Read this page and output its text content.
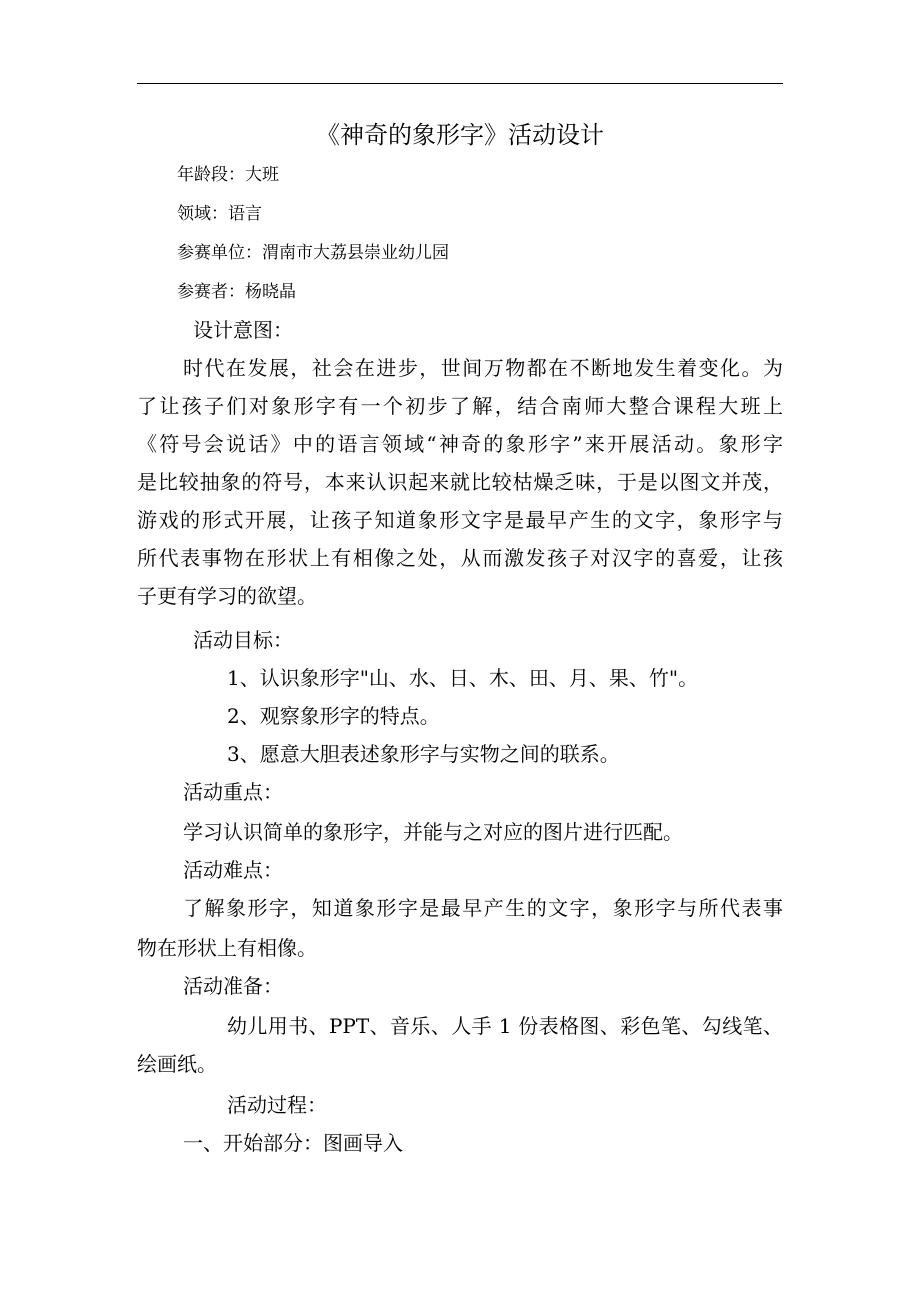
《神奇的象形字》活动设计
年龄段：大班
领域：语言
参赛单位：渭南市大荔县崇业幼儿园
参赛者：杨晓晶
设计意图：
时代在发展，社会在进步，世间万物都在不断地发生着变化。为
了让孩子们对象形字有一个初步了解，结合南师大整合课程大班上
《符号会说话》中的语言领域“神奇的象形字”来开展活动。象形字
是比较抽象的符号，本来认识起来就比较枯燥乏味，于是以图文并茂，
游戏的形式开展，让孩子知道象形文字是最早产生的文字，象形字与
所代表事物在形状上有相像之处，从而激发孩子对汉字的喜爱，让孩
子更有学习的欲望。
活动目标：
1、认识象形字"山、水、日、木、田、月、果、竹"。
2、观察象形字的特点。
3、愿意大胆表述象形字与实物之间的联系。
活动重点：
学习认识简单的象形字，并能与之对应的图片进行匹配。
活动难点：
了解象形字，知道象形字是最早产生的文字，象形字与所代表事
物在形状上有相像。
活动准备：
幼儿用书、PPT、音乐、人手 1 份表格图、彩色笔、勾线笔、
绘画纸。
活动过程：
一、开始部分：图画导入
